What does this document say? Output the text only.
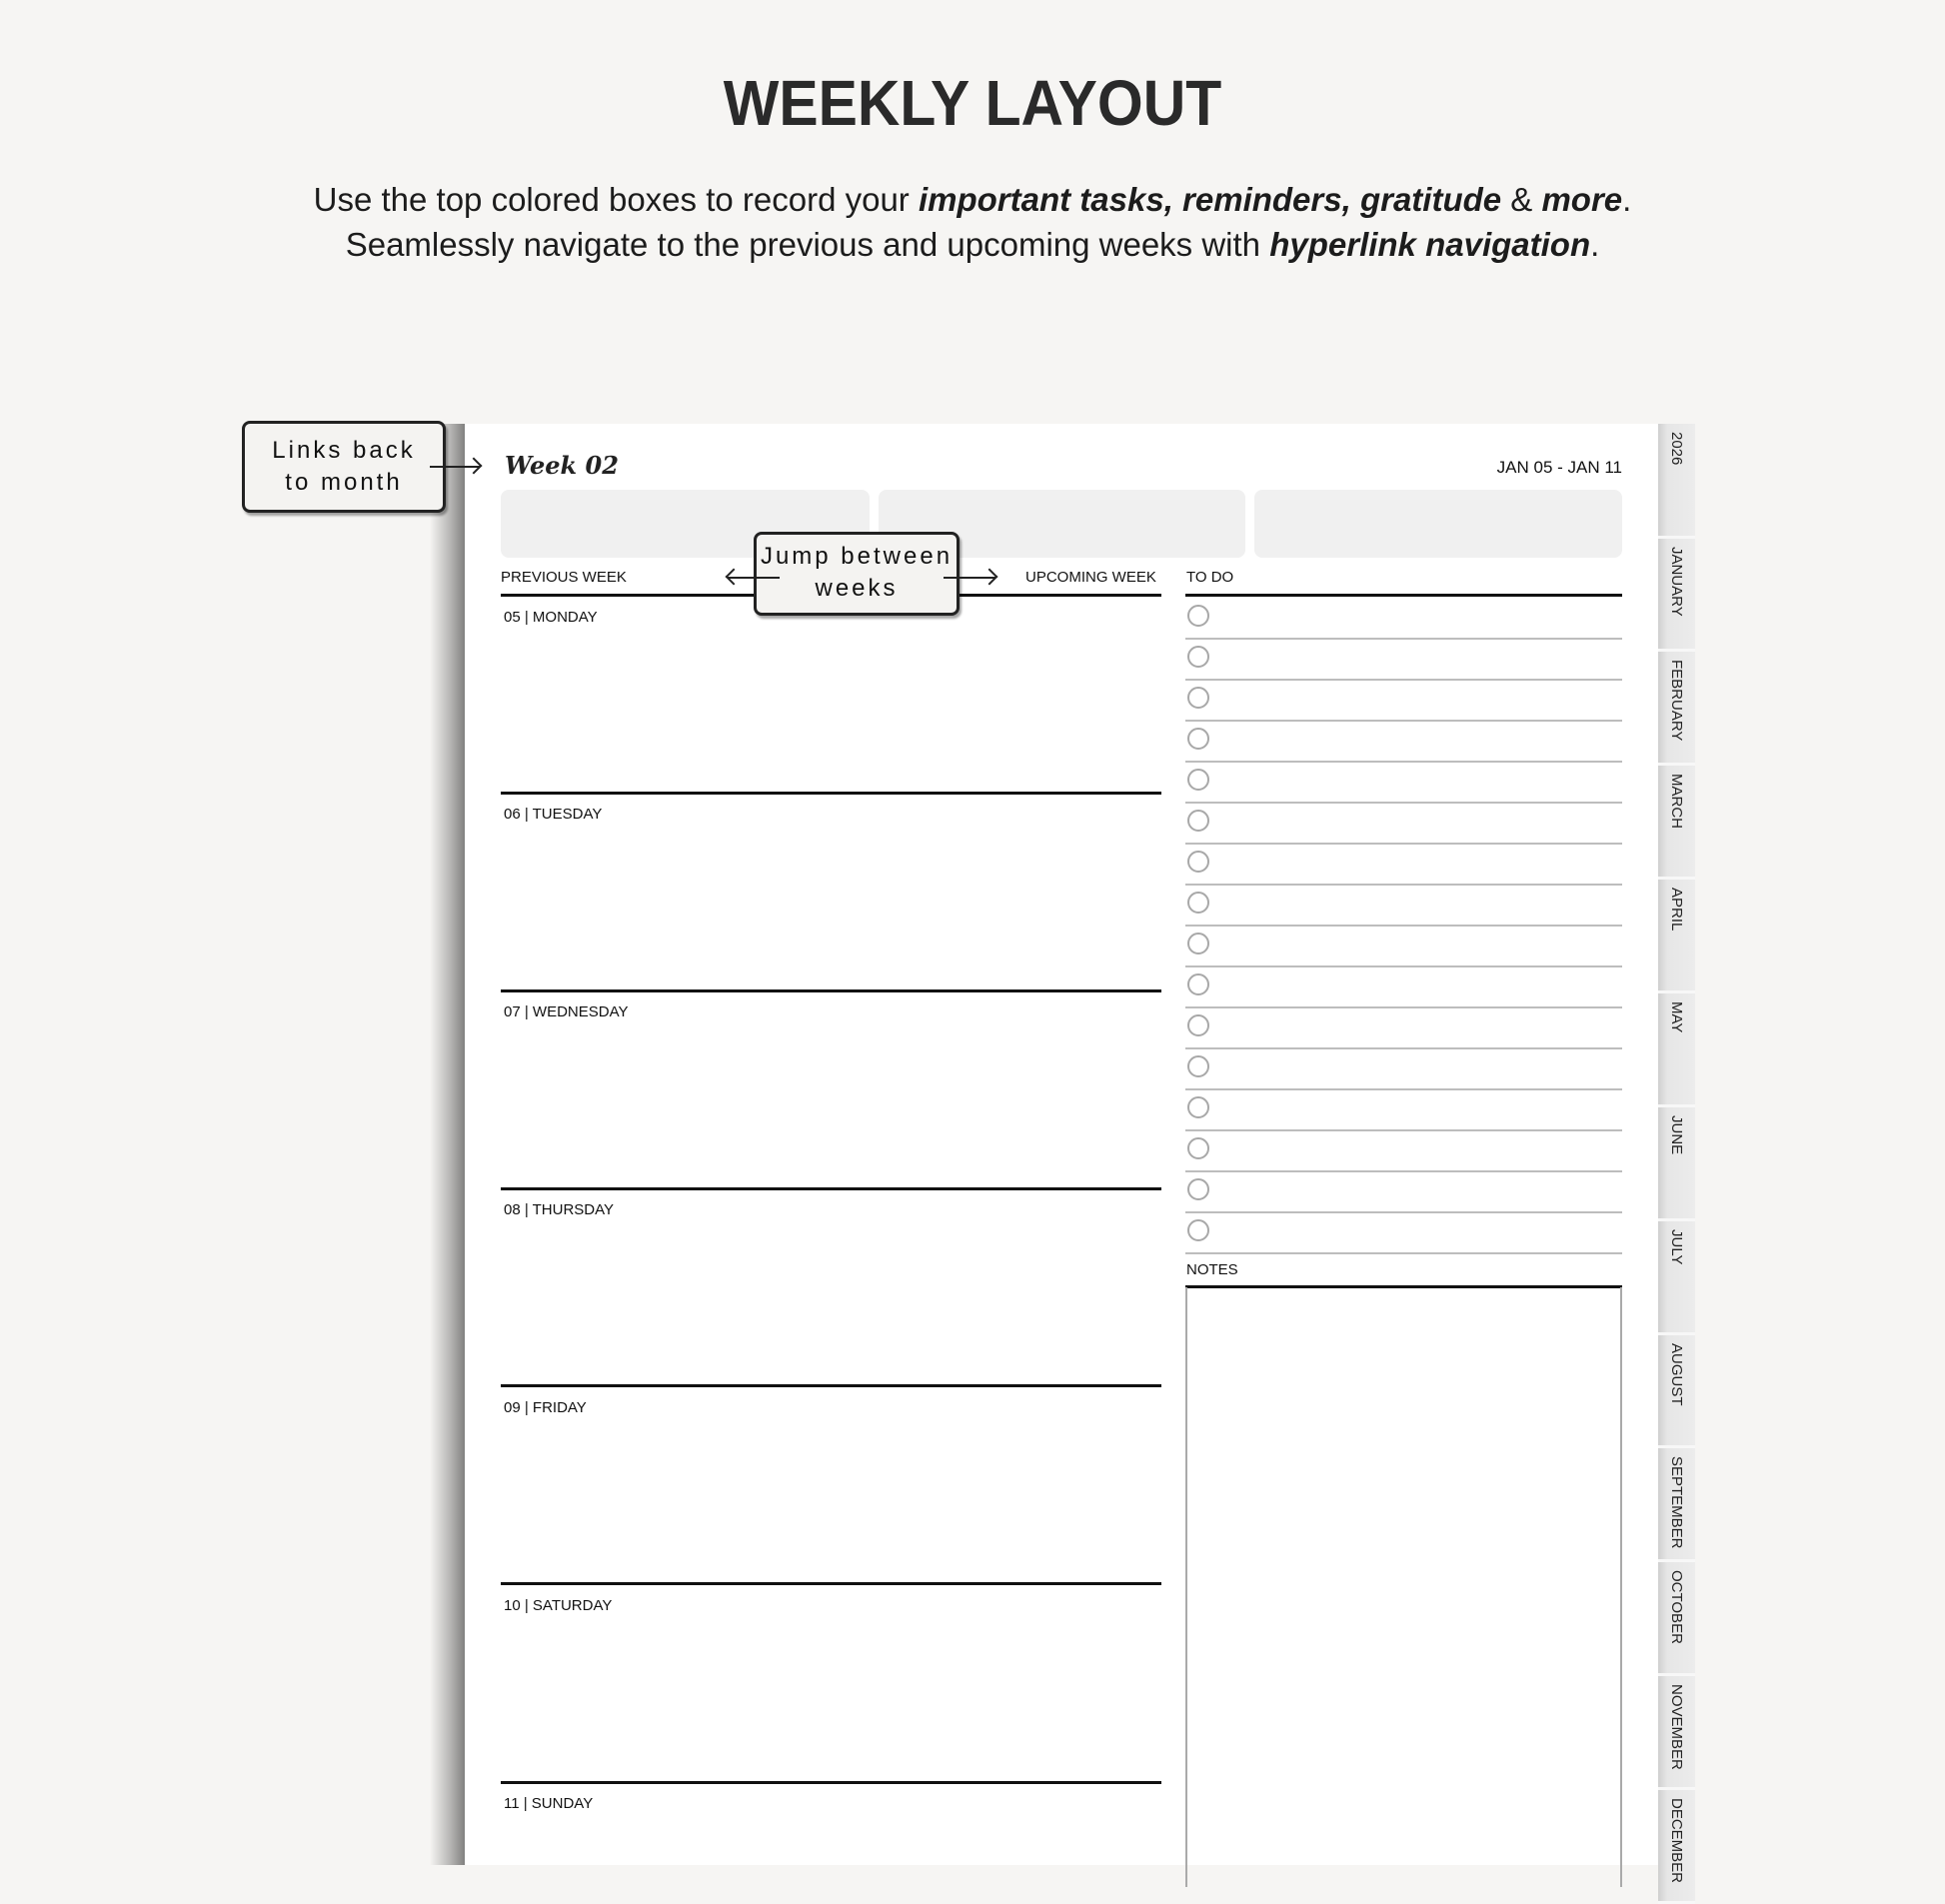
WEEKLY LAYOUT
Use the top colored boxes to record your important tasks, reminders, gratitude & more.
Seamlessly navigate to the previous and upcoming weeks with hyperlink navigation.
Week 02	JAN 05 - JAN 11
PREVIOUS WEEK	UPCOMING WEEK TO DO
05 | MONDAY
06 | TUESDAY
07 | WEDNESDAY
08 | THURSDAY
09 | FRIDAY
10 | SATURDAY
11 | SUNDAY
NOTES
2026
JANUARY
FEBRUARY
MARCH
APRIL
MAY
JUNE
JULY
AUGUST
SEPTEMBER
OCTOBER
NOVEMBER
DECEMBER
Links back
to month
Jump between
weeks
